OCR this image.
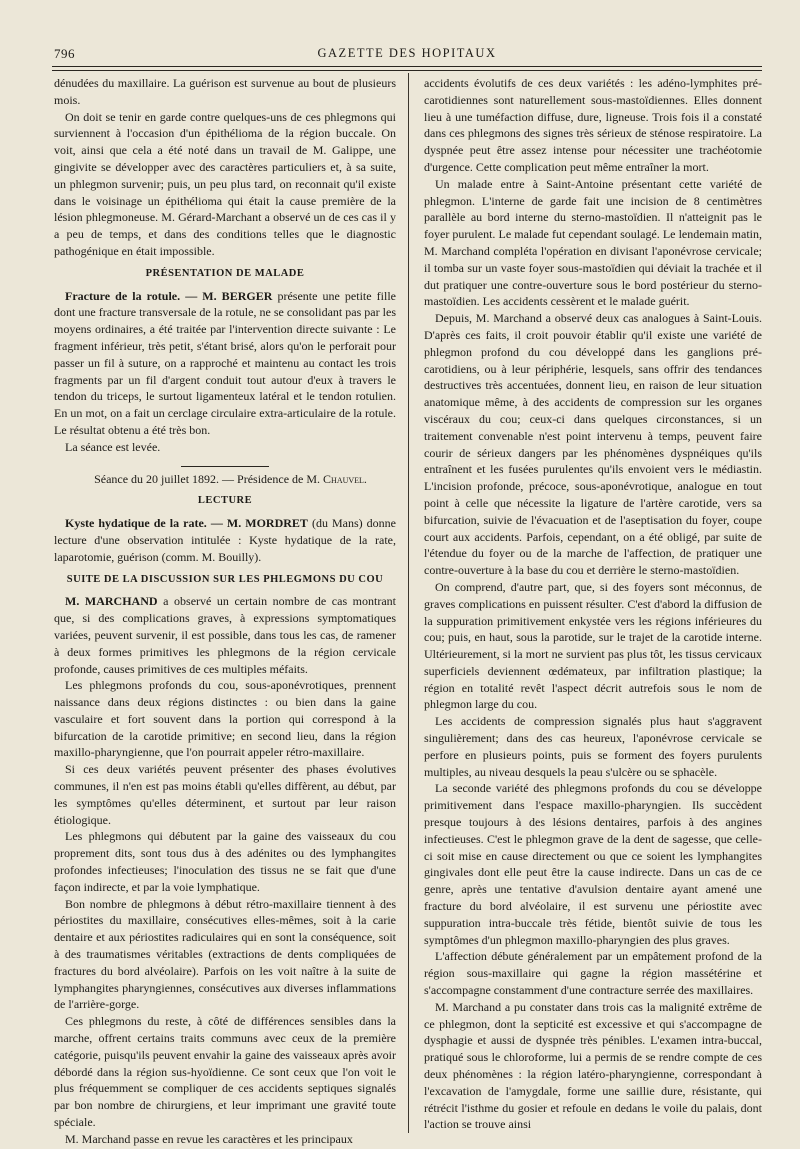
796	GAZETTE DES HOPITAUX

dénudées du maxillaire. La guérison est survenue au bout de plusieurs mois.

On doit se tenir en garde contre quelques-uns de ces phlegmons qui surviennent à l'occasion d'un épithélioma de la région buccale. On voit, ainsi que cela a été noté dans un travail de M. Galippe, une gingivite se développer avec des caractères particuliers et, à sa suite, un phlegmon survenir; puis, un peu plus tard, on reconnait qu'il existe dans le voisinage un épithélioma qui était la cause première de la lésion phlegmoneuse. M. Gérard-Marchant a observé un de ces cas il y a peu de temps, et dans des conditions telles que le diagnostic pathogénique en était impossible.

PRÉSENTATION DE MALADE

Fracture de la rotule. — M. BERGER présente une petite fille dont une fracture transversale de la rotule, ne se consolidant pas par les moyens ordinaires, a été traitée par l'intervention directe suivante : Le fragment inférieur, très petit, s'étant brisé, alors qu'on le perforait pour passer un fil à suture, on a rapproché et maintenu au contact les trois fragments par un fil d'argent conduit tout autour d'eux à travers le tendon du triceps, le surtout ligamenteux latéral et le tendon rotulien. En un mot, on a fait un cerclage circulaire extra-articulaire de la rotule. Le résultat obtenu a été très bon.

La séance est levée.

Séance du 20 juillet 1892. — Présidence de M. Chauvel.

LECTURE

Kyste hydatique de la rate. — M. MORDRET (du Mans) donne lecture d'une observation intitulée : Kyste hydatique de la rate, laparotomie, guérison (comm. M. Bouilly).

SUITE DE LA DISCUSSION SUR LES PHLEGMONS DU COU

M. MARCHAND a observé un certain nombre de cas montrant que, si des complications graves, à expressions symptomatiques variées, peuvent survenir, il est possible, dans tous les cas, de ramener à deux formes primitives les phlegmons de la région cervicale profonde, causes primitives de ces multiples méfaits.

Les phlegmons profonds du cou, sous-aponévrotiques, prennent naissance dans deux régions distinctes : ou bien dans la gaine vasculaire et fort souvent dans la portion qui correspond à la bifurcation de la carotide primitive; en second lieu, dans la région maxillo-pharyngienne, que l'on pourrait appeler rétro-maxillaire.

Si ces deux variétés peuvent présenter des phases évolutives communes, il n'en est pas moins établi qu'elles diffèrent, au début, par les symptômes qu'elles déterminent, et surtout par leur raison étiologique.

Les phlegmons qui débutent par la gaine des vaisseaux du cou proprement dits, sont tous dus à des adénites ou des lymphangites profondes infectieuses; l'inoculation des tissus ne se fait que d'une façon indirecte, et par la voie lymphatique.

Bon nombre de phlegmons à début rétro-maxillaire tiennent à des périostites du maxillaire, consécutives elles-mêmes, soit à la carie dentaire et aux périostites radiculaires qui en sont la conséquence, soit à des traumatismes véritables (extractions de dents compliquées de fractures du bord alvéolaire). Parfois on les voit naître à la suite de lymphangites pharyngiennes, consécutives aux diverses inflammations de l'arrière-gorge.

Ces phlegmons du reste, à côté de différences sensibles dans la marche, offrent certains traits communs avec ceux de la première catégorie, puisqu'ils peuvent envahir la gaine des vaisseaux après avoir débordé dans la région sus-hyoïdienne. Ce sont ceux que l'on voit le plus fréquemment se compliquer de ces accidents septiques signalés par bon nombre de chirurgiens, et leur imprimant une gravité toute spéciale.

M. Marchand passe en revue les caractères et les principaux

accidents évolutifs de ces deux variétés : les adéno-lymphites pré-carotidiennes sont naturellement sous-mastoïdiennes. Elles donnent lieu à une tuméfaction diffuse, dure, ligneuse. Trois fois il a constaté dans ces phlegmons des signes très sérieux de sténose respiratoire. La dyspnée peut être assez intense pour nécessiter une trachéotomie d'urgence. Cette complication peut même entraîner la mort.

Un malade entre à Saint-Antoine présentant cette variété de phlegmon. L'interne de garde fait une incision de 8 centimètres parallèle au bord interne du sterno-mastoïdien. Il n'atteignit pas le foyer purulent. Le malade fut cependant soulagé. Le lendemain matin, M. Marchand compléta l'opération en divisant l'aponévrose cervicale; il tomba sur un vaste foyer sous-mastoïdien qui déviait la trachée et il dut pratiquer une contre-ouverture sous le bord postérieur du sterno-mastoïdien. Les accidents cessèrent et le malade guérit.

Depuis, M. Marchand a observé deux cas analogues à Saint-Louis. D'après ces faits, il croit pouvoir établir qu'il existe une variété de phlegmon profond du cou développé dans les ganglions pré-carotidiens, ou à leur périphérie, lesquels, sans offrir des tendances destructives très accentuées, donnent lieu, en raison de leur situation anatomique même, à des accidents de compression sur les organes viscéraux du cou; ceux-ci dans quelques circonstances, si un traitement convenable n'est point intervenu à temps, peuvent faire courir de sérieux dangers par les phénomènes dyspnéiques qu'ils entraînent et les fusées purulentes qu'ils envoient vers le médiastin. L'incision profonde, précoce, sous-aponévrotique, analogue en tout point à celle que nécessite la ligature de l'artère carotide, vers sa bifurcation, suivie de l'évacuation et de l'aseptisation du foyer, coupe court aux accidents. Parfois, cependant, on a été obligé, par suite de l'étendue du foyer ou de la marche de l'affection, de pratiquer une contre-ouverture à la base du cou et derrière le sterno-mastoïdien.

On comprend, d'autre part, que, si des foyers sont méconnus, de graves complications en puissent résulter. C'est d'abord la diffusion de la suppuration primitivement enkystée vers les régions inférieures du cou; puis, en haut, sous la parotide, sur le trajet de la carotide interne. Ultérieurement, si la mort ne survient pas plus tôt, les tissus cervicaux superficiels deviennent œdémateux, par infiltration plastique; la région en totalité revêt l'aspect décrit autrefois sous le nom de phlegmon large du cou.

Les accidents de compression signalés plus haut s'aggravent singulièrement; dans des cas heureux, l'aponévrose cervicale se perfore en plusieurs points, puis se forment des foyers purulents multiples, au niveau desquels la peau s'ulcère ou se sphacèle.

La seconde variété des phlegmons profonds du cou se développe primitivement dans l'espace maxillo-pharyngien. Ils succèdent presque toujours à des lésions dentaires, parfois à des angines infectieuses. C'est le phlegmon grave de la dent de sagesse, que celle-ci soit mise en cause directement ou que ce soient les lymphangites gingivales dont elle peut être la cause indirecte. Dans un cas de ce genre, après une tentative d'avulsion dentaire ayant amené une fracture du bord alvéolaire, il est survenu une périostite avec suppuration intra-buccale très fétide, bientôt suivie de tous les symptômes d'un phlegmon maxillo-pharyngien des plus graves.

L'affection débute généralement par un empâtement profond de la région sous-maxillaire qui gagne la région massétérine et s'accompagne constamment d'une contracture serrée des maxillaires.

M. Marchand a pu constater dans trois cas la malignité extrême de ce phlegmon, dont la septicité est excessive et qui s'accompagne de dysphagie et aussi de dyspnée très pénibles. L'examen intra-buccal, pratiqué sous le chloroforme, lui a permis de se rendre compte de ces deux phénomènes : la région latéro-pharyngienne, correspondant à l'excavation de l'amygdale, forme une saillie dure, résistante, qui rétrécit l'isthme du gosier et refoule en dedans le voile du palais, dont l'action se trouve ainsi
